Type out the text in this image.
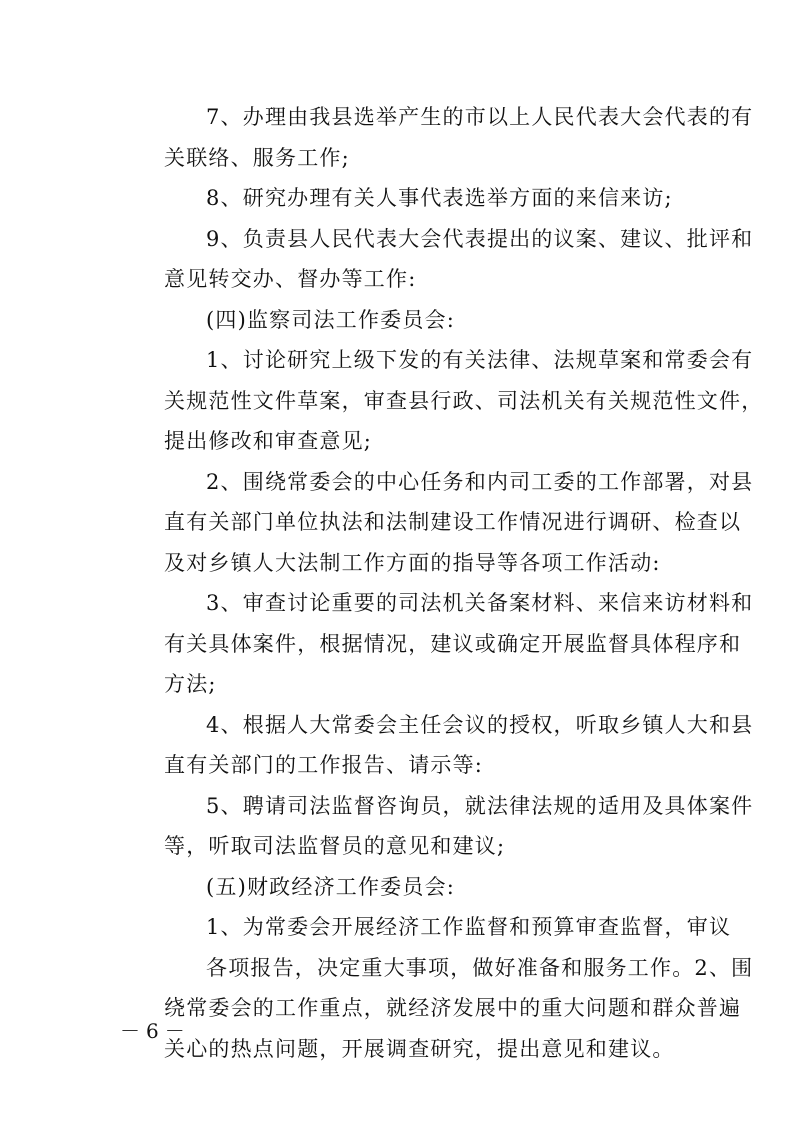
7、办理由我县选举产生的市以上人民代表大会代表的有
关联络、服务工作;

8、研究办理有关人事代表选举方面的来信来访;

9、负责县人民代表大会代表提出的议案、建议、批评和
意见转交办、督办等工作:

(四)监察司法工作委员会:

1、讨论研究上级下发的有关法律、法规草案和常委会有
关规范性文件草案，审查县行政、司法机关有关规范性文件，
提出修改和审查意见;

2、围绕常委会的中心任务和内司工委的工作部署，对县
直有关部门单位执法和法制建设工作情况进行调研、检查以
及对乡镇人大法制工作方面的指导等各项工作活动:

3、审查讨论重要的司法机关备案材料、来信来访材料和
有关具体案件，根据情况，建议或确定开展监督具体程序和
方法;

4、根据人大常委会主任会议的授权，听取乡镇人大和县
直有关部门的工作报告、请示等:

5、聘请司法监督咨询员，就法律法规的适用及具体案件
等，听取司法监督员的意见和建议;

(五)财政经济工作委员会:

1、为常委会开展经济工作监督和预算审查监督，审议
各项报告，决定重大事项，做好准备和服务工作。2、围
绕常委会的工作重点，就经济发展中的重大问题和群众普遍
关心的热点问题，开展调查研究，提出意见和建议。

－6－
